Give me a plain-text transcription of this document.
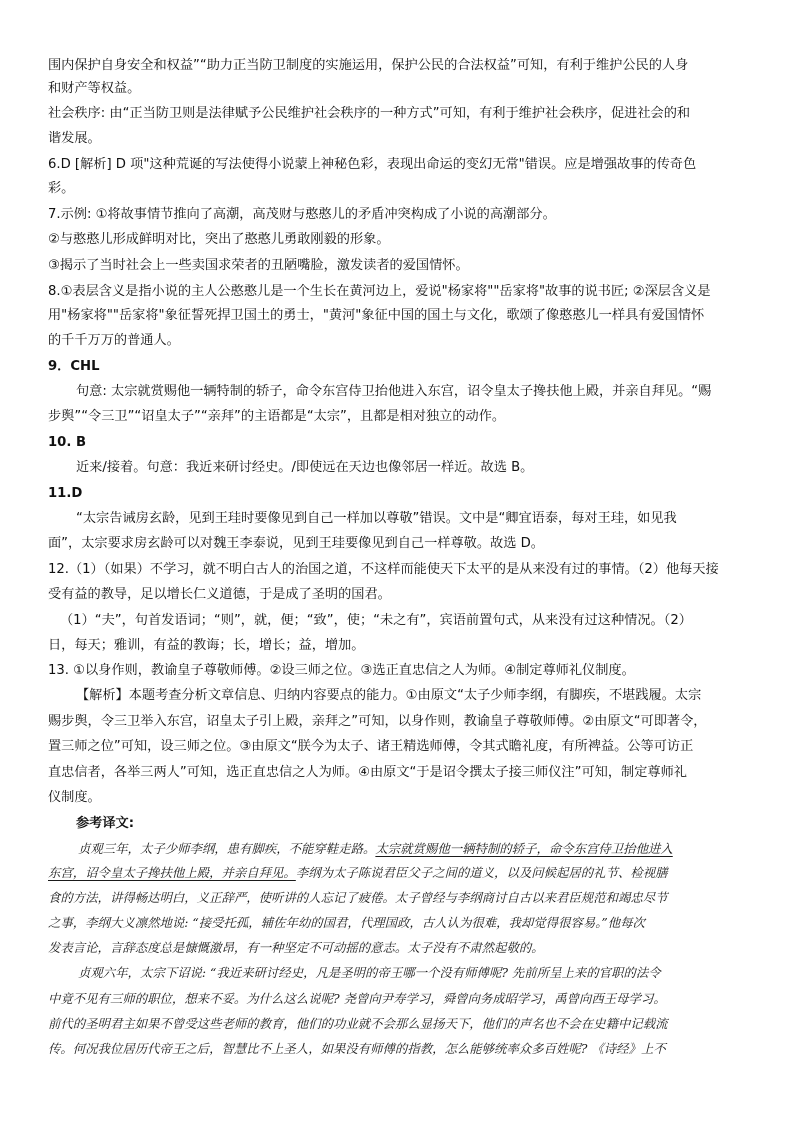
围内保护自身安全和权益”“助力正当防卫制度的实施运用，保护公民的合法权益”可知，有利于维护公民的人身
和财产等权益。
社会秩序: 由“正当防卫则是法律赋予公民维护社会秩序的一种方式”可知，有利于维护社会秩序，促进社会的和
谐发展。
6.D [解析] D 项"这种荒诞的写法使得小说蒙上神秘色彩，表现出命运的变幻无常"错误。应是增强故事的传奇色
彩。
7.示例: ①将故事情节推向了高潮，高茂财与憨憨儿的矛盾冲突构成了小说的高潮部分。
②与憨憨儿形成鲜明对比，突出了憨憨儿勇敢刚毅的形象。
③揭示了当时社会上一些卖国求荣者的丑陋嘴脸，激发读者的爱国情怀。
8.①表层含义是指小说的主人公憨憨儿是一个生长在黄河边上，爱说"杨家将""岳家将"故事的说书匠; ②深层含义是
用"杨家将""岳家将"象征誓死捍卫国土的勇士，"黄河"象征中国的国土与文化，歌颂了像憨憨儿一样具有爱国情怀
的千千万万的普通人。
9．CHL
句意: 太宗就赏赐他一辆特制的轿子，命令东宫侍卫抬他进入东宫，诏令皇太子搀扶他上殿，并亲自拜见。“赐
步舆”“令三卫”“诏皇太子”“亲拜”的主语都是“太宗”，且都是相对独立的动作。
10. B
近来/接着。句意：我近来研讨经史。/即使远在天边也像邻居一样近。故选 B。
11.D
“太宗告诫房玄龄，见到王珪时要像见到自己一样加以尊敬”错误。文中是“卿宜语泰，每对王珪，如见我
面”，太宗要求房玄龄可以对魏王李泰说，见到王珪要像见到自己一样尊敬。故选 D。
12.（1）（如果）不学习，就不明白古人的治国之道，不这样而能使天下太平的是从来没有过的事情。（2）他每天接
受有益的教导，足以增长仁义道德，于是成了圣明的国君。
（1）“夫”，句首发语词；“则”，就，便；“致”，使；“未之有”，宾语前置句式，从来没有过这种情况。（2）
日，每天；雅训，有益的教诲；长，增长；益，增加。
13. ①以身作则，教谕皇子尊敬师傅。②设三师之位。③选正直忠信之人为师。④制定尊师礼仪制度。
【解析】本题考查分析文章信息、归纳内容要点的能力。①由原文“太子少师李纲，有脚疾，不堪践履。太宗
赐步舆，令三卫举入东宫，诏皇太子引上殿，亲拜之”可知，以身作则，教谕皇子尊敬师傅。②由原文“可即著令，
置三师之位”可知，设三师之位。③由原文“朕今为太子、诸王精选师傅，令其式瞻礼度，有所裨益。公等可访正
直忠信者，各举三两人”可知，选正直忠信之人为师。④由原文“于是诏令撰太子接三师仪注”可知，制定尊师礼
仪制度。
参考译文:
贞观三年，太子少师李纲，患有脚疾，不能穿鞋走路。太宗就赏赐他一辆特制的轿子，命令东宫侍卫抬他进入
东宫，诏令皇太子搀扶他上殿，并亲自拜见。李纲为太子陈说君臣父子之间的道义，以及问候起居的礼节、检视膳
食的方法，讲得畅达明白，义正辞严，使听讲的人忘记了疲倦。太子曾经与李纲商讨自古以来君臣规范和竭忠尽节
之事，李纲大义凛然地说: “接受托孤，辅佐年幼的国君，代理国政，古人认为很难，我却觉得很容易。”他每次
发表言论，言辞态度总是慷慨激昂，有一种坚定不可动摇的意志。太子没有不肃然起敬的。
贞观六年，太宗下诏说: “我近来研讨经史，凡是圣明的帝王哪一个没有师傅呢? 先前所呈上来的官职的法令
中竟不见有三师的职位，想来不妥。为什么这么说呢? 尧曾向尹寿学习，舜曾向务成昭学习，禹曾向西王母学习。
前代的圣明君主如果不曾受这些老师的教育，他们的功业就不会那么显扬天下，他们的声名也不会在史籍中记载流
传。何况我位居历代帝王之后，智慧比不上圣人，如果没有师傅的指教，怎么能够统率众多百姓呢? 《诗经》上不
